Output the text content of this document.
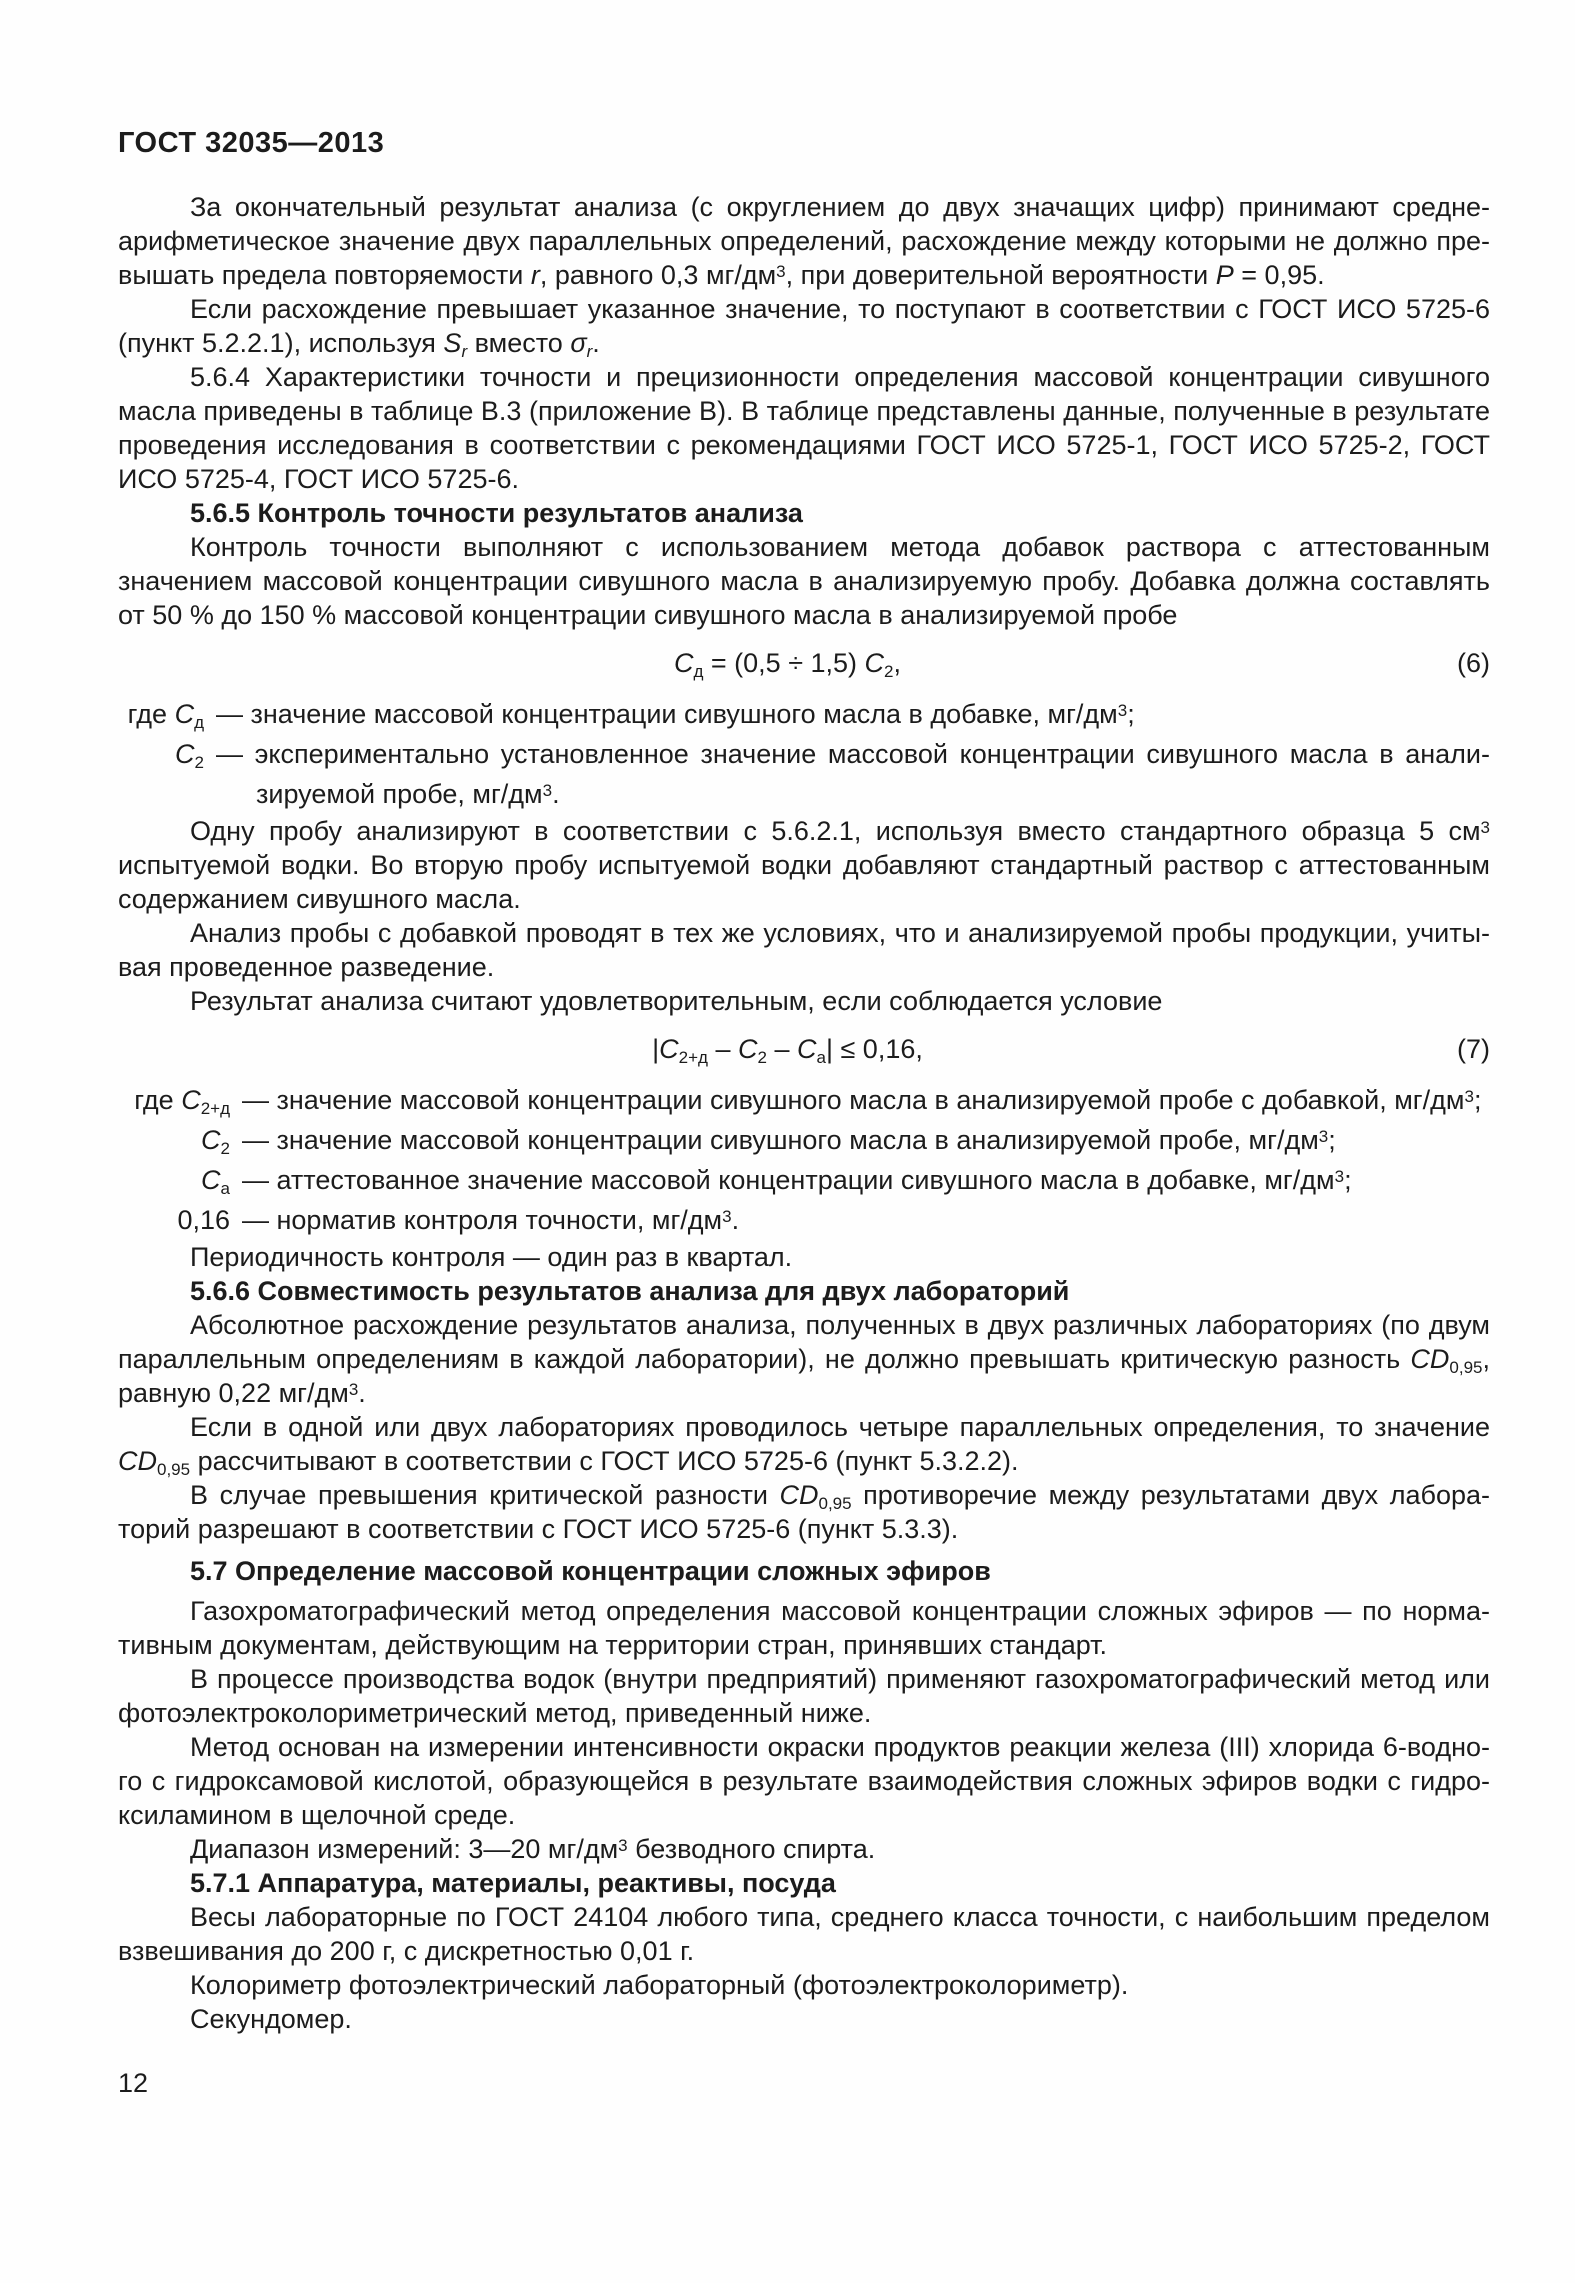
ГОСТ 32035—2013
За окончательный результат анализа (с округлением до двух значащих цифр) принимают среднеарифметическое значение двух параллельных определений, расхождение между которыми не должно превышать предела повторяемости r, равного 0,3 $мг/дм^3$, при доверительной вероятности P = 0,95.
Если расхождение превышает указанное значение, то поступают в соответствии с ГОСТ ИСО 5725-6 (пункт 5.2.2.1), используя Sr вместо σr.
5.6.4 Характеристики точности и прецизионности определения массовой концентрации сивушного масла приведены в таблице В.3 (приложение В). В таблице представлены данные, полученные в результате проведения исследования в соответствии с рекомендациями ГОСТ ИСО 5725-1, ГОСТ ИСО 5725-2, ГОСТ ИСО 5725-4, ГОСТ ИСО 5725-6.
5.6.5 Контроль точности результатов анализа
Контроль точности выполняют с использованием метода добавок раствора с аттестованным значением массовой концентрации сивушного масла в анализируемую пробу. Добавка должна составлять от 50 % до 150 % массовой концентрации сивушного масла в анализируемой пробе
Сд = (0,5 ÷ 1,5) С2,	(6)
где Сд — значение массовой концентрации сивушного масла в добавке, $мг/дм^3$;
С2 — экспериментально установленное значение массовой концентрации сивушного масла в анализируемой пробе, $мг/дм^3$.
Одну пробу анализируют в соответствии с 5.6.2.1, используя вместо стандартного образца 5 $см^3$ испытуемой водки. Во вторую пробу испытуемой водки добавляют стандартный раствор с аттестованным содержанием сивушного масла.
Анализ пробы с добавкой проводят в тех же условиях, что и анализируемой пробы продукции, учитывая проведенное разведение.
Результат анализа считают удовлетворительным, если соблюдается условие
|С2+д – С2 – Са| ≤ 0,16,	(7)
где С2+д — значение массовой концентрации сивушного масла в анализируемой пробе с добавкой, $мг/дм^3$;
С2 — значение массовой концентрации сивушного масла в анализируемой пробе, $мг/дм^3$;
Са — аттестованное значение массовой концентрации сивушного масла в добавке, $мг/дм^3$;
0,16 — норматив контроля точности, $мг/дм^3$.
Периодичность контроля — один раз в квартал.
5.6.6 Совместимость результатов анализа для двух лабораторий
Абсолютное расхождение результатов анализа, полученных в двух различных лабораториях (по двум параллельным определениям в каждой лаборатории), не должно превышать критическую разность CD0,95, равную 0,22 $мг/дм^3$.
Если в одной или двух лабораториях проводилось четыре параллельных определения, то значение CD0,95 рассчитывают в соответствии с ГОСТ ИСО 5725-6 (пункт 5.3.2.2).
В случае превышения критической разности CD0,95 противоречие между результатами двух лабораторий разрешают в соответствии с ГОСТ ИСО 5725-6 (пункт 5.3.3).
5.7 Определение массовой концентрации сложных эфиров
Газохроматографический метод определения массовой концентрации сложных эфиров — по нормативным документам, действующим на территории стран, принявших стандарт.
В процессе производства водок (внутри предприятий) применяют газохроматографический метод или фотоэлектроколориметрический метод, приведенный ниже.
Метод основан на измерении интенсивности окраски продуктов реакции железа (III) хлорида 6-водного с гидроксамовой кислотой, образующейся в результате взаимодействия сложных эфиров водки с гидроксиламином в щелочной среде.
Диапазон измерений: 3—20 $мг/дм^3$ безводного спирта.
5.7.1 Аппаратура, материалы, реактивы, посуда
Весы лабораторные по ГОСТ 24104 любого типа, среднего класса точности, с наибольшим пределом взвешивания до 200 г, с дискретностью 0,01 г.
Колориметр фотоэлектрический лабораторный (фотоэлектроколориметр).
Секундомер.
12
